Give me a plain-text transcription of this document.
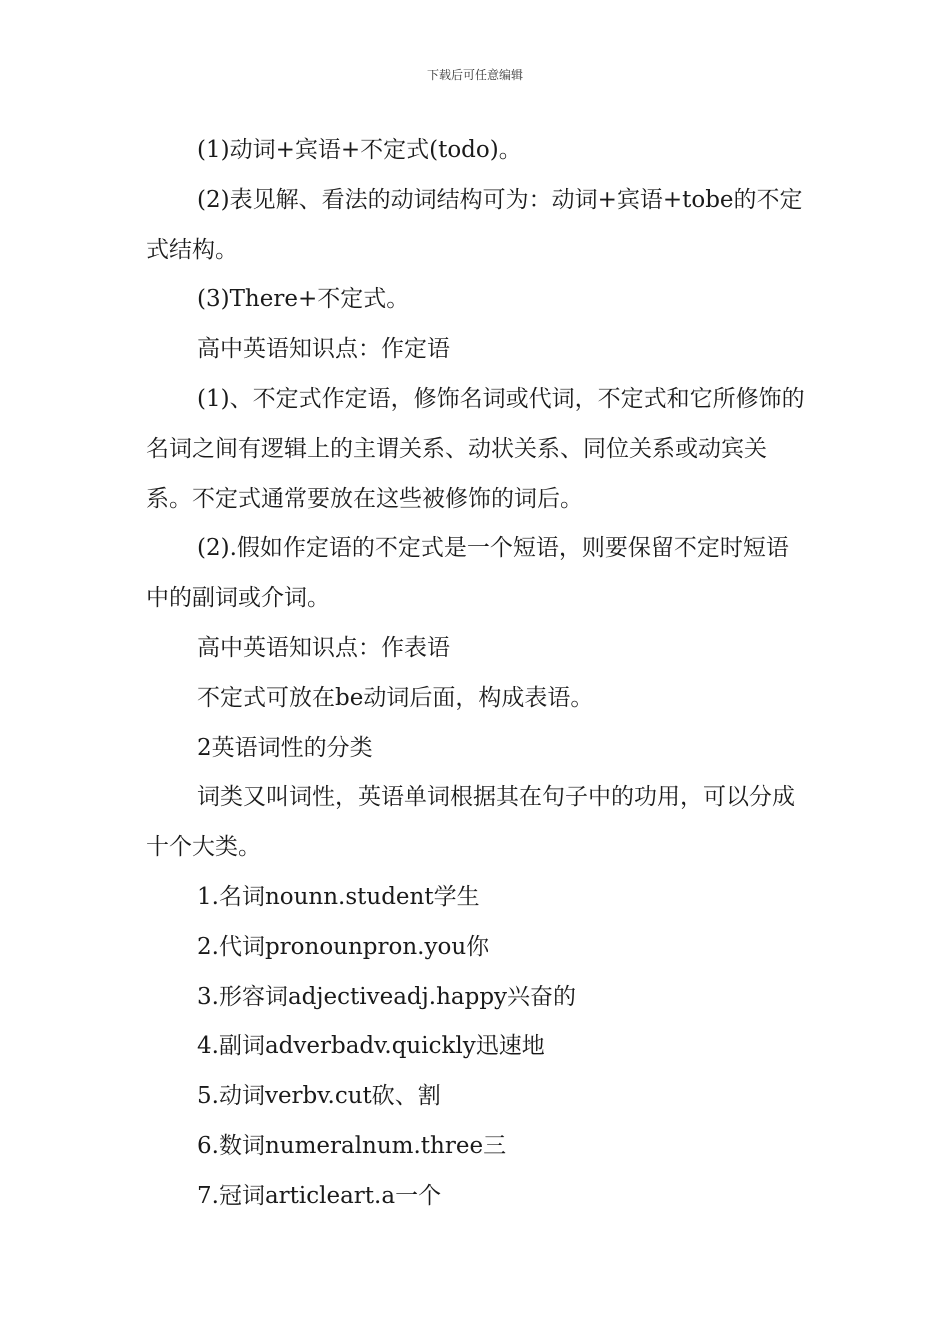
下载后可任意编辑

(1)动词+宾语+不定式(todo)。

(2)表见解、看法的动词结构可为：动词+宾语+tobe的不定式结构。

(3)There+不定式。

高中英语知识点：作定语

(1)、不定式作定语，修饰名词或代词，不定式和它所修饰的名词之间有逻辑上的主谓关系、动状关系、同位关系或动宾关系。不定式通常要放在这些被修饰的词后。

(2).假如作定语的不定式是一个短语，则要保留不定时短语中的副词或介词。

高中英语知识点：作表语

不定式可放在be动词后面，构成表语。

2英语词性的分类

词类又叫词性，英语单词根据其在句子中的功用，可以分成十个大类。

1.名词nounn.student学生

2.代词pronounpron.you你

3.形容词adjectiveadj.happy兴奋的

4.副词adverbadv.quickly迅速地

5.动词verbv.cut砍、割

6.数词numeralnum.three三

7.冠词articleart.a一个
